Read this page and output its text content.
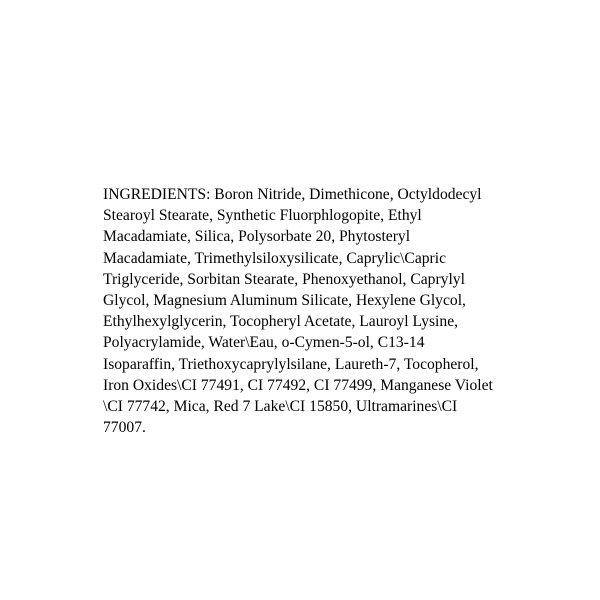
INGREDIENTS: Boron Nitride, Dimethicone, Octyldodecyl
Stearoyl Stearate, Synthetic Fluorphlogopite, Ethyl
Macadamiate, Silica, Polysorbate 20, Phytosteryl
Macadamiate, Trimethylsiloxysilicate, Caprylic\Capric
Triglyceride, Sorbitan Stearate, Phenoxyethanol, Caprylyl
Glycol, Magnesium Aluminum Silicate, Hexylene Glycol,
Ethylhexylglycerin, Tocopheryl Acetate, Lauroyl Lysine,
Polyacrylamide, Water\Eau, o-Cymen-5-ol, C13-14
Isoparaffin, Triethoxycaprylylsilane, Laureth-7, Tocopherol,
Iron Oxides\CI 77491, CI 77492, CI 77499, Manganese Violet
\CI 77742, Mica, Red 7 Lake\CI 15850, Ultramarines\CI
77007.
